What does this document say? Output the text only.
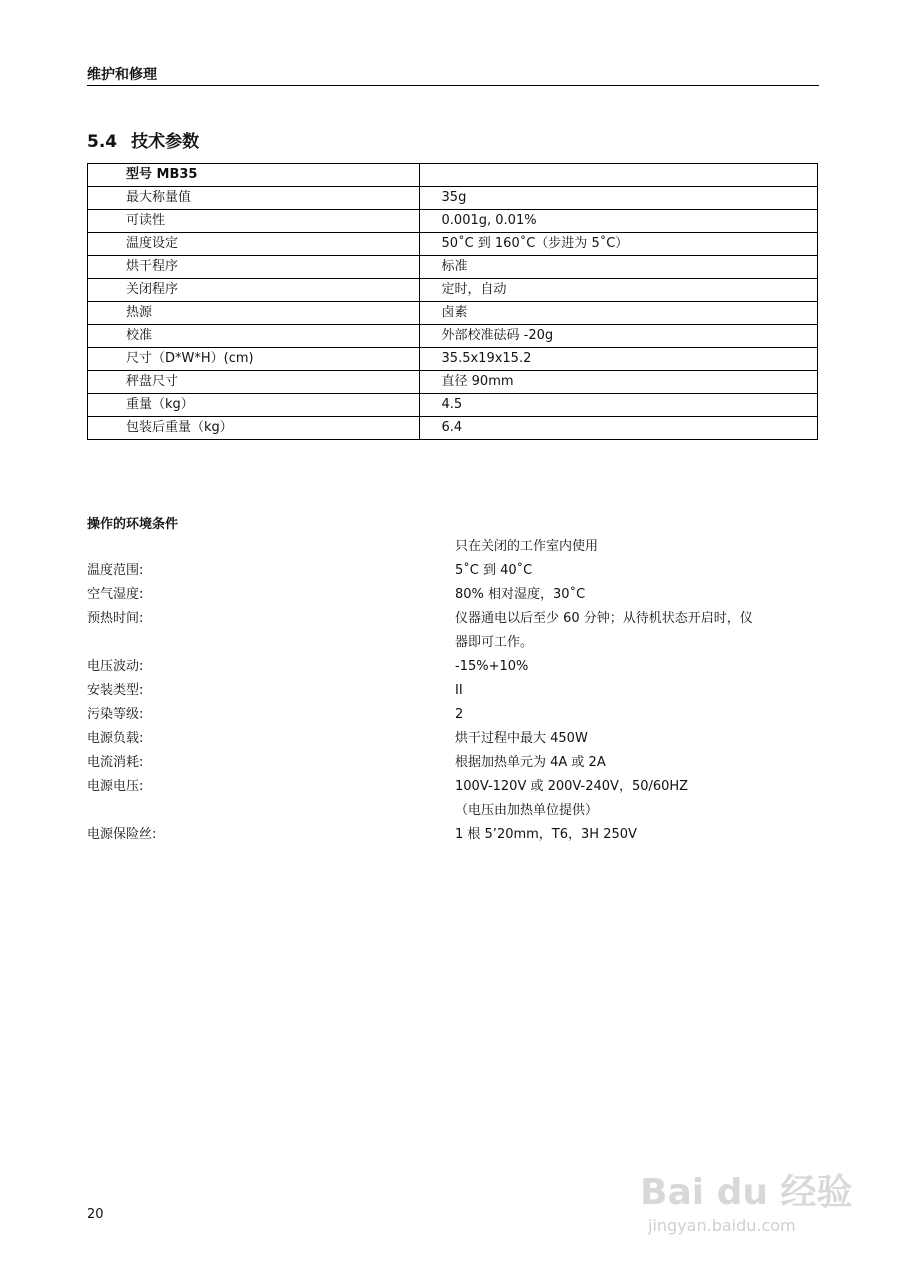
维护和修理
5.4 技术参数
型号 MB35	
最大称量值	35g
可读性	0.001g, 0.01%
温度设定	50˚C 到 160˚C（步进为 5˚C）
烘干程序	标准
关闭程序	定时，自动
热源	卤素
校准	外部校准砝码 -20g
尺寸（D*W*H）(cm)	35.5x19x15.2
秤盘尺寸	直径 90mm
重量（kg）	4.5
包装后重量（kg）	6.4
操作的环境条件
只在关闭的工作室内使用
温度范围:	5˚C 到 40˚C
空气湿度:	80% 相对湿度，30˚C
预热时间:	仪器通电以后至少 60 分钟；从待机状态开启时，仪
器即可工作。
电压波动:	-15%+10%
安装类型:	II
污染等级:	2
电源负载:	烘干过程中最大 450W
电流消耗:	根据加热单元为 4A 或 2A
电源电压:	100V-120V 或 200V-240V，50/60HZ
（电压由加热单位提供）
电源保险丝:	1 根 5’20mm，T6，3H 250V
20
Bai du 经验
jingyan.baidu.com
